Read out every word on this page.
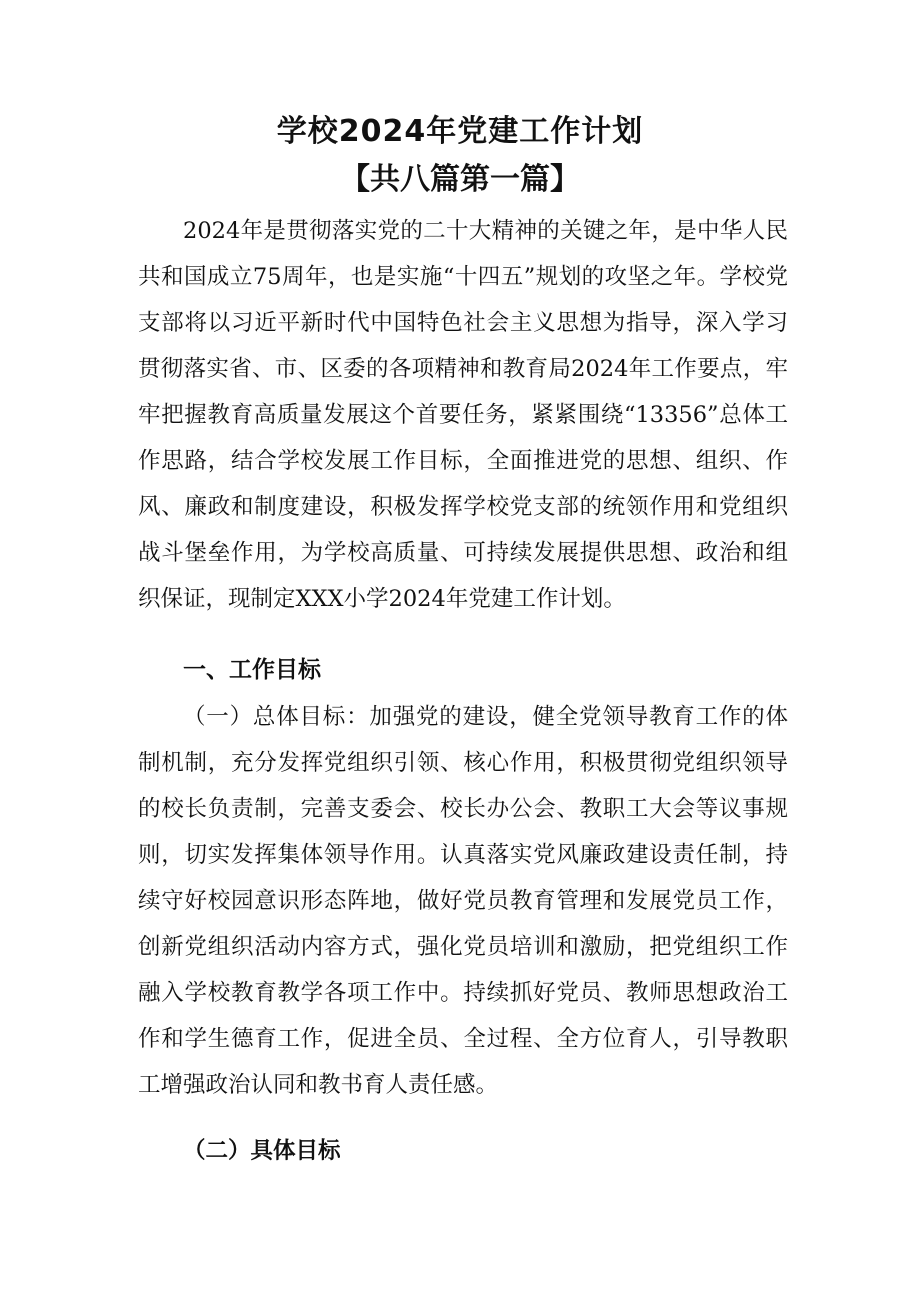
学校2024年党建工作计划
【共八篇第一篇】

2024年是贯彻落实党的二十大精神的关键之年，是中华人民共和国成立75周年，也是实施“十四五”规划的攻坚之年。学校党支部将以习近平新时代中国特色社会主义思想为指导，深入学习贯彻落实省、市、区委的各项精神和教育局2024年工作要点，牢牢把握教育高质量发展这个首要任务，紧紧围绕“13356”总体工作思路，结合学校发展工作目标，全面推进党的思想、组织、作风、廉政和制度建设，积极发挥学校党支部的统领作用和党组织战斗堡垒作用，为学校高质量、可持续发展提供思想、政治和组织保证，现制定XXX小学2024年党建工作计划。

一、工作目标

（一）总体目标：加强党的建设，健全党领导教育工作的体制机制，充分发挥党组织引领、核心作用，积极贯彻党组织领导的校长负责制，完善支委会、校长办公会、教职工大会等议事规则，切实发挥集体领导作用。认真落实党风廉政建设责任制，持续守好校园意识形态阵地，做好党员教育管理和发展党员工作，创新党组织活动内容方式，强化党员培训和激励，把党组织工作融入学校教育教学各项工作中。持续抓好党员、教师思想政治工作和学生德育工作，促进全员、全过程、全方位育人，引导教职工增强政治认同和教书育人责任感。

（二）具体目标
